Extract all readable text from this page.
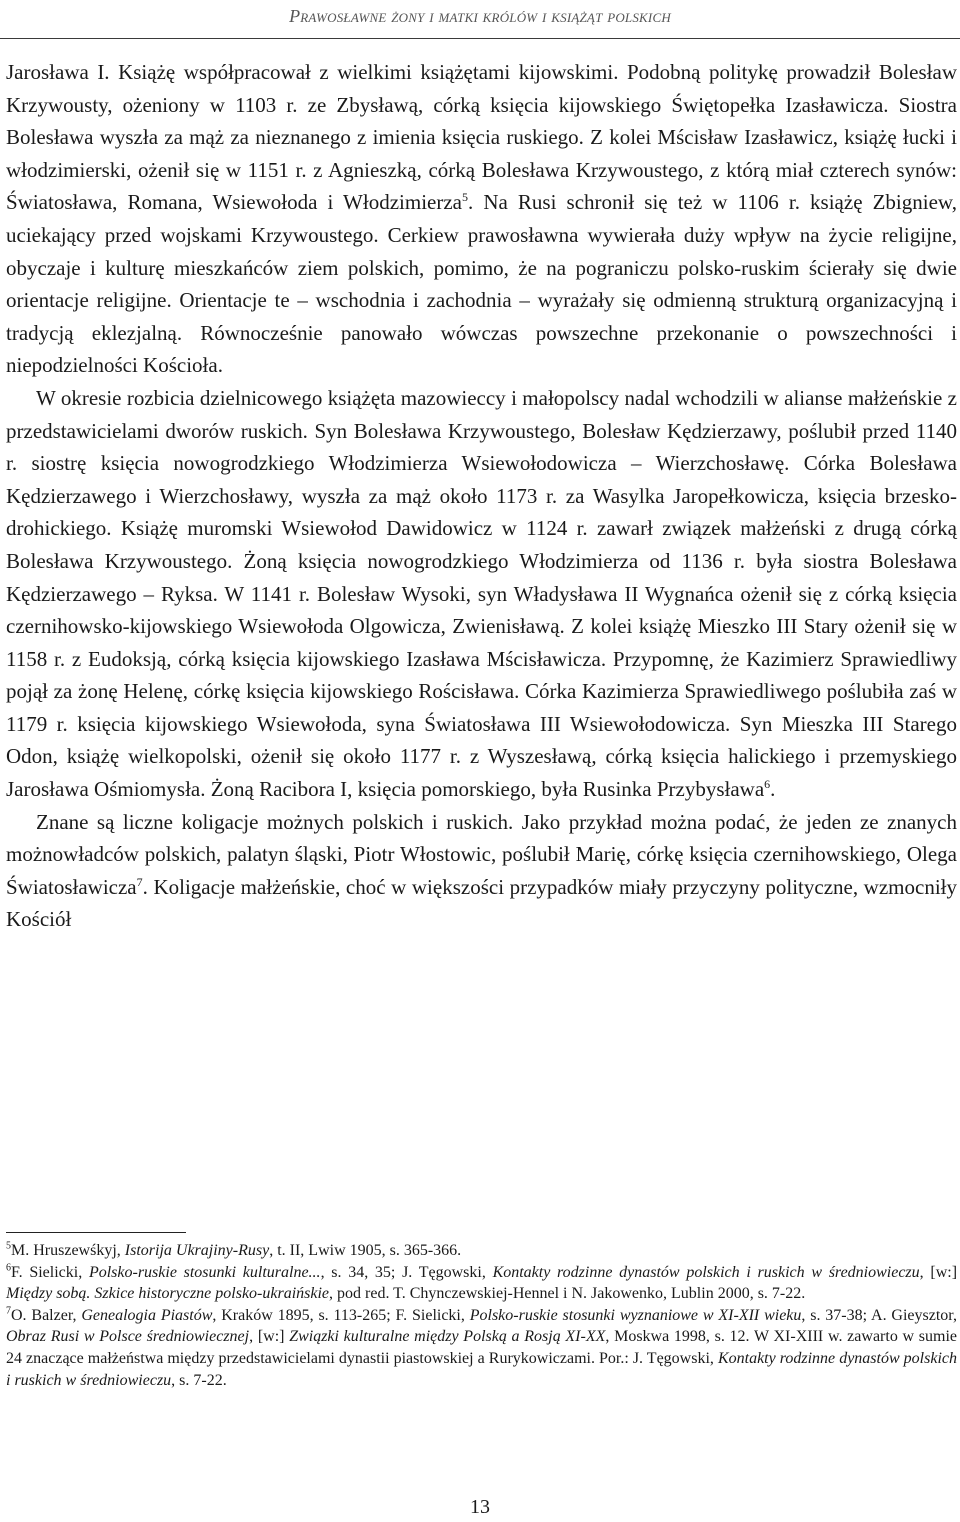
Prawosławne żony i matki królów i książąt polskich

Jarosława I. Książę współpracował z wielkimi książętami kijowskimi. Podobną politykę prowadził Bolesław Krzywousty, ożeniony w 1103 r. ze Zbysławą, córką księcia kijowskiego Świętopełka Izasławicza. Siostra Bolesława wyszła za mąż za nieznanego z imienia księcia ruskiego. Z kolei Mścisław Izasławicz, książę łucki i włodzimierski, ożenił się w 1151 r. z Agnieszką, córką Bolesława Krzywoustego, z którą miał czterech synów: Światosława, Romana, Wsiewołoda i Włodzimierza$^5$. Na Rusi schronił się też w 1106 r. książę Zbigniew, uciekający przed wojskami Krzywoustego. Cerkiew prawosławna wywierała duży wpływ na życie religijne, obyczaje i kulturę mieszkańców ziem polskich, pomimo, że na pograniczu polsko-ruskim ścierały się dwie orientacje religijne. Orientacje te – wschodnia i zachodnia – wyrażały się odmienną strukturą organizacyjną i tradycją eklezjalną. Równocześnie panowało wówczas powszechne przekonanie o powszechności i niepodzielności Kościoła.

W okresie rozbicia dzielnicowego książęta mazowieccy i małopolscy nadal wchodzili w alianse małżeńskie z przedstawicielami dworów ruskich. Syn Bolesława Krzywoustego, Bolesław Kędzierzawy, poślubił przed 1140 r. siostrę księcia nowogrodzkiego Włodzimierza Wsiewołodowicza – Wierzchosławę. Córka Bolesława Kędzierzawego i Wierzchosławy, wyszła za mąż około 1173 r. za Wasylka Jaropełkowicza, księcia brzesko-drohickiego. Książę muromski Wsiewołod Dawidowicz w 1124 r. zawarł związek małżeński z drugą córką Bolesława Krzywoustego. Żoną księcia nowogrodzkiego Włodzimierza od 1136 r. była siostra Bolesława Kędzierzawego – Ryksa. W 1141 r. Bolesław Wysoki, syn Władysława II Wygnańca ożenił się z córką księcia czernihowsko-kijowskiego Wsiewołoda Olgowicza, Zwienisławą. Z kolei książę Mieszko III Stary ożenił się w 1158 r. z Eudoksją, córką księcia kijowskiego Izasława Mścisławicza. Przypomnę, że Kazimierz Sprawiedliwy pojął za żonę Helenę, córkę księcia kijowskiego Rościsława. Córka Kazimierza Sprawiedliwego poślubiła zaś w 1179 r. księcia kijowskiego Wsiewołoda, syna Światosława III Wsiewołodowicza. Syn Mieszka III Starego Odon, książę wielkopolski, ożenił się około 1177 r. z Wyszesławą, córką księcia halickiego i przemyskiego Jarosława Ośmiomysła. Żoną Racibora I, księcia pomorskiego, była Rusinka Przybysława$^6$.

Znane są liczne koligacje możnych polskich i ruskich. Jako przykład można podać, że jeden ze znanych możnowładców polskich, palatyn śląski, Piotr Włostowic, poślubił Marię, córkę księcia czernihowskiego, Olega Światosławicza$^7$. Koligacje małżeńskie, choć w większości przypadków miały przyczyny polityczne, wzmocniły Kościół

$^5$M. Hruszewśkyj, Istorija Ukrajiny-Rusy, t. II, Lwiw 1905, s. 365-366.

$^6$F. Sielicki, Polsko-ruskie stosunki kulturalne..., s. 34, 35; J. Tęgowski, Kontakty rodzinne dynastów polskich i ruskich w średniowieczu, [w:] Między sobą. Szkice historyczne polsko-ukraińskie, pod red. T. Chynczewskiej-Hennel i N. Jakowenko, Lublin 2000, s. 7-22.

$^7$O. Balzer, Genealogia Piastów, Kraków 1895, s. 113-265; F. Sielicki, Polsko-ruskie stosunki wyznaniowe w XI-XII wieku, s. 37-38; A. Gieysztor, Obraz Rusi w Polsce średniowiecznej, [w:] Związki kulturalne między Polską a Rosją XI-XX, Moskwa 1998, s. 12. W XI-XIII w. zawarto w sumie 24 znaczące małżeństwa między przedstawicielami dynastii piastowskiej a Rurykowiczami. Por.: J. Tęgowski, Kontakty rodzinne dynastów polskich i ruskich w średniowieczu, s. 7-22.

13
